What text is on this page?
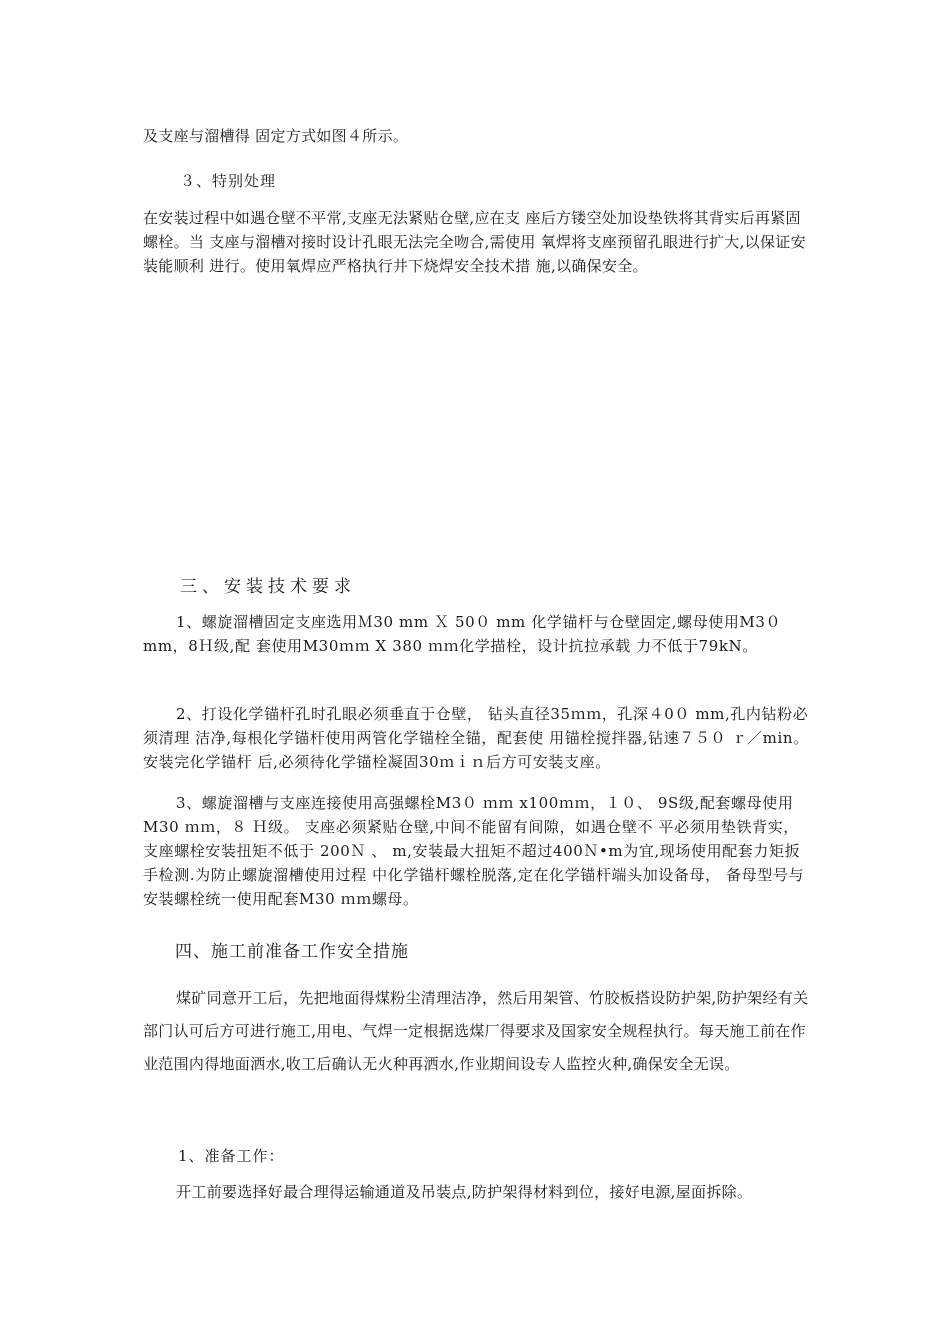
及支座与溜槽得 固定方式如图４所示。

３、特别处理

在安装过程中如遇仓壁不平常,支座无法紧贴仓壁,应在支 座后方镂空处加设垫铁将其背实后再紧固螺栓。当 支座与溜槽对接时设计孔眼无法完全吻合,需使用 氧焊将支座预留孔眼进行扩大,以保证安装能顺利 进行。使用氧焊应严格执行井下烧焊安全技术措 施,以确保安全。

三、安装技术要求

1、螺旋溜槽固定支座选用Ｍ30 mm Ｘ 50０ mm 化学锚杆与仓壁固定,螺母使用M3０ mm，8Ｈ级,配 套使用M30ｍｍ X 380 ｍｍ化学描栓，设计抗拉承载 力不低于79kN。

2、打设化学锚杆孔时孔眼必须垂直于仓壁， 钻头直径35ｍｍ，孔深４0０ mm,孔内钻粉必须清理 洁净,每根化学锚杆使用两管化学锚栓全锚，配套使 用锚栓搅拌器,钻速７５０ ｒ／min。安装完化学锚杆 后,必须待化学锚栓凝固30ｍｉｎ后方可安装支座。

3、螺旋溜槽与支座连接使用高强螺栓M3０ ｍｍ x100ｍｍ，１０、 9S级,配套螺母使用M30 ｍｍ，８ Ｈ级。 支座必须紧贴仓壁,中间不能留有间隙，如遇仓壁不 平必须用垫铁背实，支座螺栓安装扭矩不低于 200Ｎ 、 m,安装最大扭矩不超过400Ｎ•m为宜,现场使用配套力矩扳手检测.为防止螺旋溜槽使用过程 中化学锚杆螺栓脱落,定在化学锚杆端头加设备母， 备母型号与安装螺栓统一使用配套M30 ｍｍ螺母。

四、施工前准备工作安全措施

煤矿同意开工后，先把地面得煤粉尘清理洁净，然后用架管、竹胶板搭设防护架,防护架经有关部门认可后方可进行施工,用电、气焊一定根据选煤厂得要求及国家安全规程执行。每天施工前在作业范围内得地面洒水,收工后确认无火种再洒水,作业期间设专人监控火种,确保安全无误。

1、准备工作：

开工前要选择好最合理得运输通道及吊装点,防护架得材料到位，接好电源,屋面拆除。
